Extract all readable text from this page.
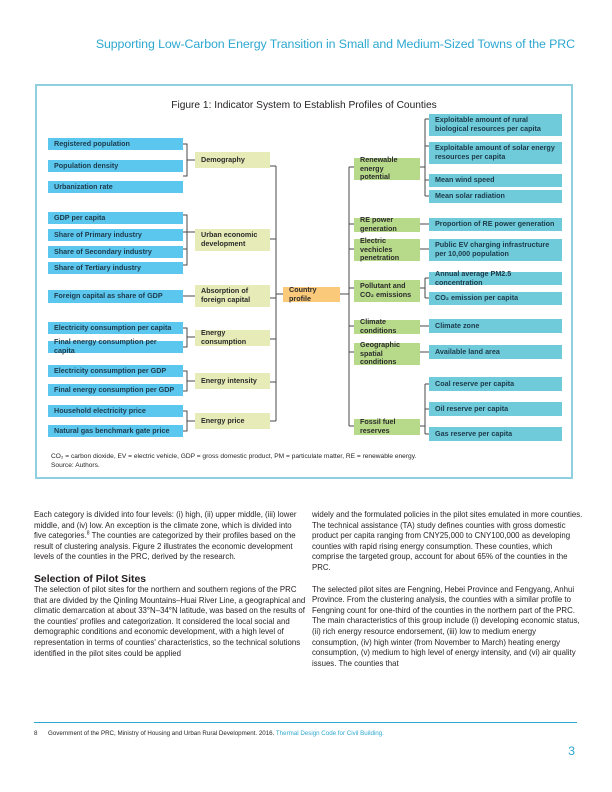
Supporting Low-Carbon Energy Transition in Small and Medium-Sized Towns of the PRC
Figure 1: Indicator System to Establish Profiles of Counties
Registered population
Population density
Urbanization rate
GDP per capita
Share of Primary industry
Share of Secondary industry
Share of Tertiary industry
Foreign capital as share of GDP
Electricity consumption per capita
Final energy consumption per capita
Electricity consumption per GDP
Final energy consumption per GDP
Household electricity price
Natural gas benchmark gate price
Demography
Urban economic development
Absorption of foreign capital
Energy consumption
Energy intensity
Energy price
Country profile
Renewable energy potential
RE power generation
Electric vechicles penetration
Pollutant and CO₂ emissions
Climate conditions
Geographic spatial conditions
Fossil fuel reserves
Exploitable amount of rural biological resources per capita
Exploitable amount of solar energy resources per capita
Mean wind speed
Mean solar radiation
Proportion of RE power generation
Public EV charging infrastructure per 10,000 population
Annual average PM2.5 concentration
CO₂ emission per capita
Climate zone
Available land area
Coal reserve per capita
Oil reserve per capita
Gas reserve per capita
CO₂ = carbon dioxide, EV = electric vehicle, GDP = gross domestic product, PM = particulate matter, RE = renewable energy.
Source: Authors.

Each category is divided into four levels: (i) high, (ii) upper middle, (iii) lower middle, and (iv) low. An exception is the climate zone, which is divided into five categories.$^8$ The counties are categorized by their profiles based on the result of clustering analysis. Figure 2 illustrates the economic development levels of the counties in the PRC, derived by the research.

Selection of Pilot Sites

The selection of pilot sites for the northern and southern regions of the PRC that are divided by the Qinling Mountains–Huai River Line, a geographical and climatic demarcation at about 33°N–34°N latitude, was based on the results of the counties' profiles and categorization. It considered the local social and demographic conditions and economic development, with a high level of representation in terms of counties' characteristics, so the technical solutions identified in the pilot sites could be applied

widely and the formulated policies in the pilot sites emulated in more counties. The technical assistance (TA) study defines counties with gross domestic product per capita ranging from CNY25,000 to CNY100,000 as developing counties with rapid rising energy consumption. These counties, which comprise the targeted group, account for about 65% of the counties in the PRC.

The selected pilot sites are Fengning, Hebei Province and Fengyang, Anhui Province. From the clustering analysis, the counties with a similar profile to Fengning count for one-third of the counties in the northern part of the PRC. The main characteristics of this group include (i) developing economic status, (ii) rich energy resource endorsement, (iii) low to medium energy consumption, (iv) high winter (from November to March) heating energy consumption, (v) medium to high level of energy intensity, and (vi) air quality issues. The counties that

8 Government of the PRC, Ministry of Housing and Urban Rural Development. 2016. Thermal Design Code for Civil Building.
3
